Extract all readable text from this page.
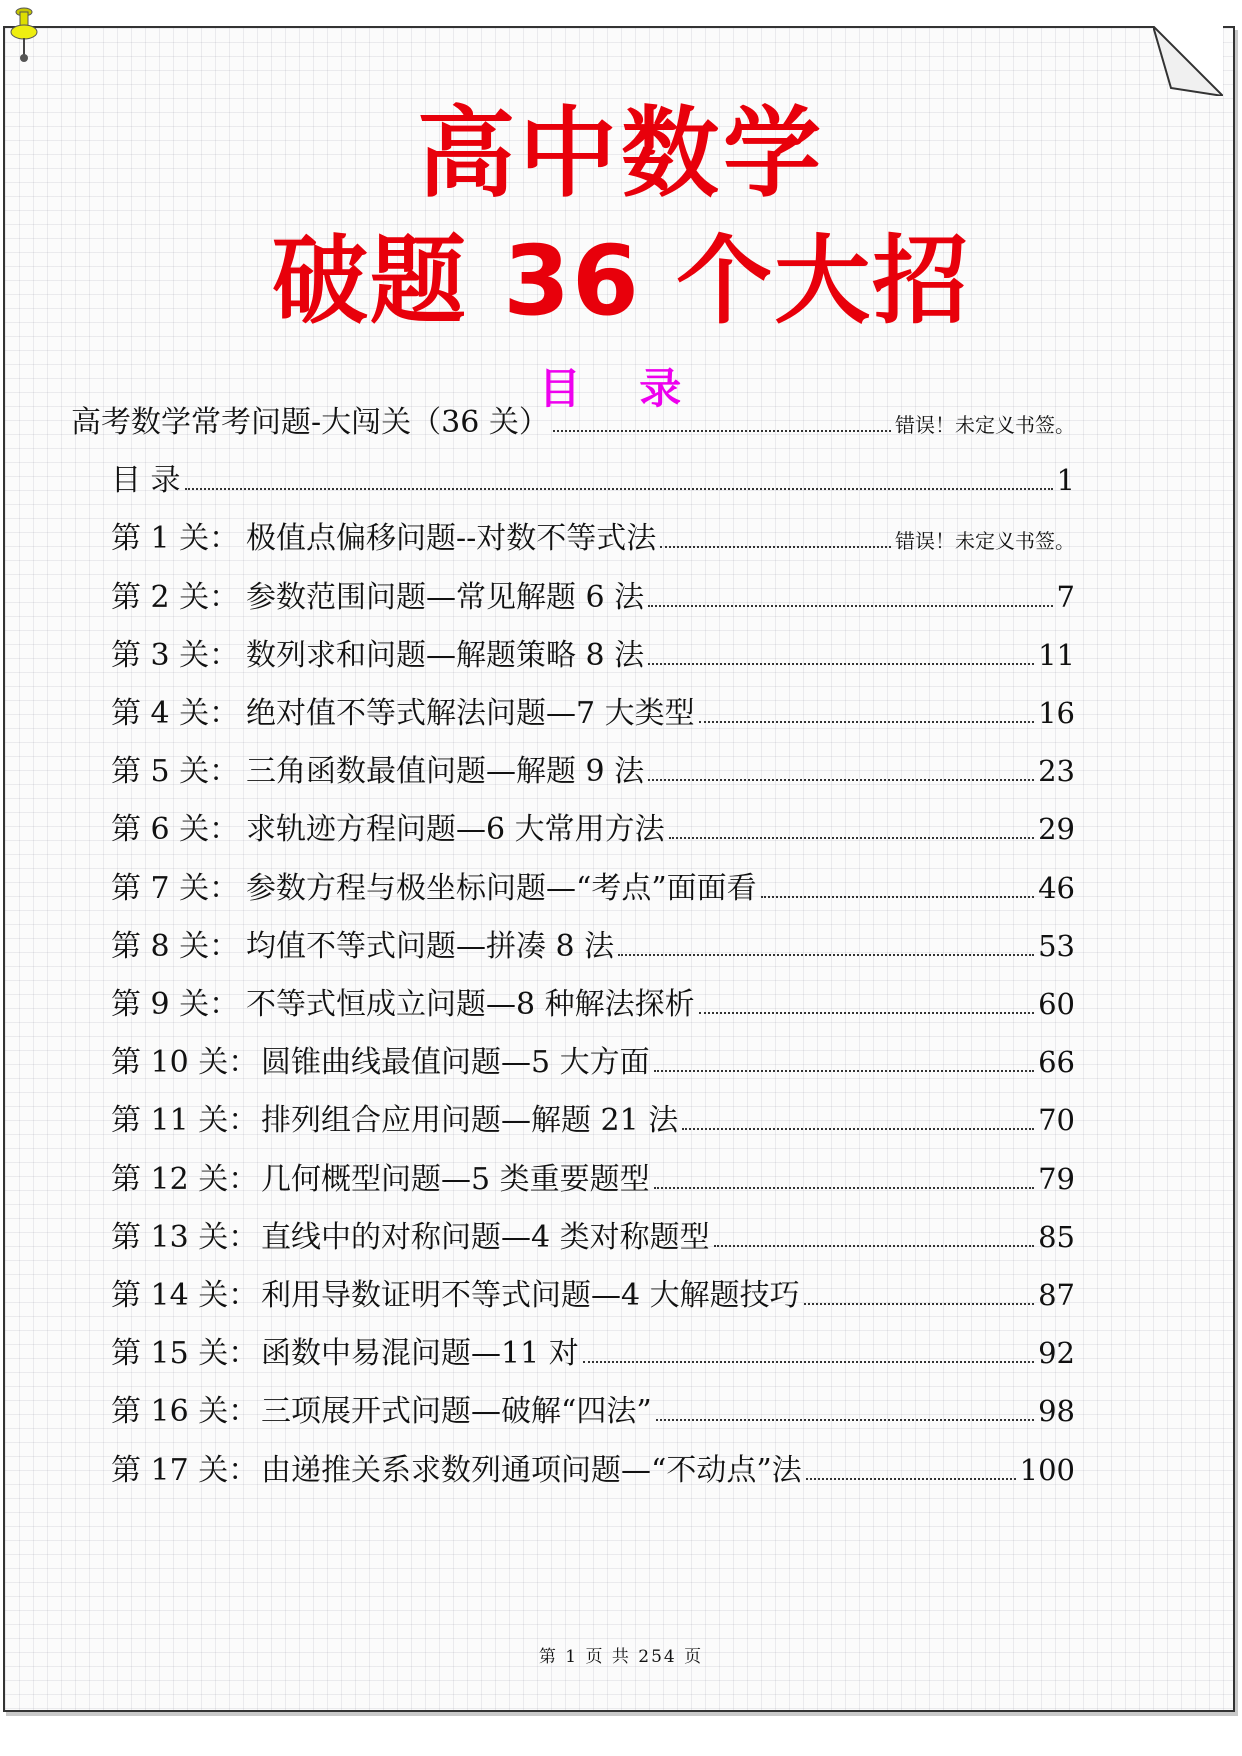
高中数学
破题 36 个大招
目 录
高考数学常考问题-大闯关（36 关）	错误！未定义书签。
目 录	1
第 1 关： 极值点偏移问题--对数不等式法	错误！未定义书签。
第 2 关： 参数范围问题—常见解题 6 法	7
第 3 关： 数列求和问题—解题策略 8 法	11
第 4 关： 绝对值不等式解法问题—7 大类型	16
第 5 关： 三角函数最值问题—解题 9 法	23
第 6 关： 求轨迹方程问题—6 大常用方法	29
第 7 关： 参数方程与极坐标问题—“考点”面面看	46
第 8 关： 均值不等式问题—拼凑 8 法	53
第 9 关： 不等式恒成立问题—8 种解法探析	60
第 10 关： 圆锥曲线最值问题—5 大方面	66
第 11 关： 排列组合应用问题—解题 21 法	70
第 12 关： 几何概型问题—5 类重要题型	79
第 13 关： 直线中的对称问题—4 类对称题型	85
第 14 关： 利用导数证明不等式问题—4 大解题技巧	87
第 15 关： 函数中易混问题—11 对	92
第 16 关： 三项展开式问题—破解“四法”	98
第 17 关： 由递推关系求数列通项问题—“不动点”法	100
第 1 页 共 254 页
